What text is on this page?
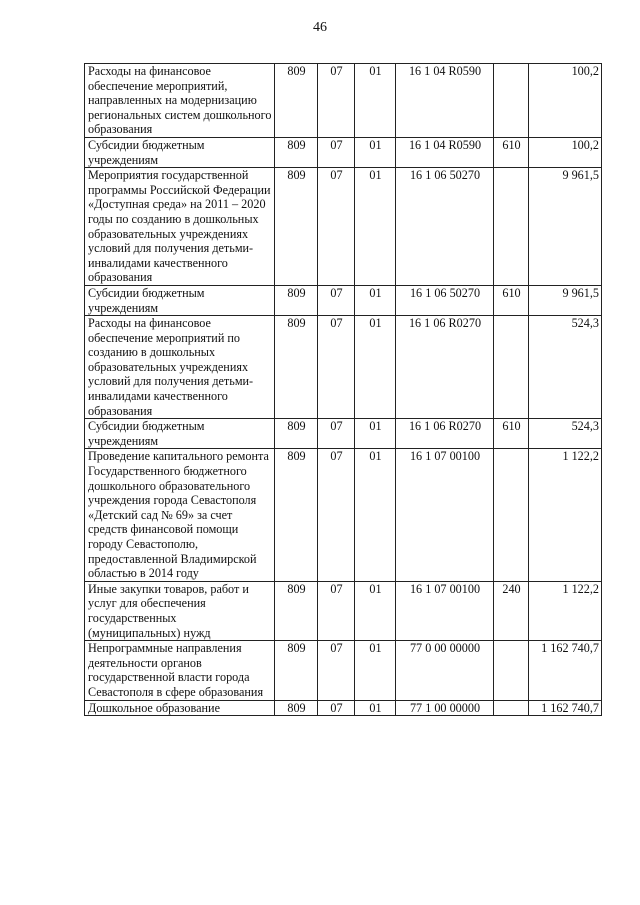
46
Расходы на финансовое обеспечение мероприятий, направленных на модернизацию региональных систем дошкольного образования	809	07	01	16 1 04 R0590		100,2
Субсидии бюджетным учреждениям	809	07	01	16 1 04 R0590	610	100,2
Мероприятия государственной программы Российской Федерации «Доступная среда» на 2011 – 2020 годы по созданию в дошкольных образовательных учреждениях условий для получения детьми-инвалидами качественного образования	809	07	01	16 1 06 50270		9 961,5
Субсидии бюджетным учреждениям	809	07	01	16 1 06 50270	610	9 961,5
Расходы на финансовое обеспечение мероприятий по созданию в дошкольных образовательных учреждениях условий для получения детьми-инвалидами качественного образования	809	07	01	16 1 06 R0270		524,3
Субсидии бюджетным учреждениям	809	07	01	16 1 06 R0270	610	524,3
Проведение капитального ремонта Государственного бюджетного дошкольного образовательного учреждения города Севастополя «Детский сад № 69» за счет средств финансовой помощи городу Севастополю, предоставленной Владимирской областью в 2014 году	809	07	01	16 1 07 00100		1 122,2
Иные закупки товаров, работ и услуг для обеспечения государственных (муниципальных) нужд	809	07	01	16 1 07 00100	240	1 122,2
Непрограммные направления деятельности органов государственной власти города Севастополя в сфере образования	809	07	01	77 0 00 00000		1 162 740,7
Дошкольное образование	809	07	01	77 1 00 00000		1 162 740,7
